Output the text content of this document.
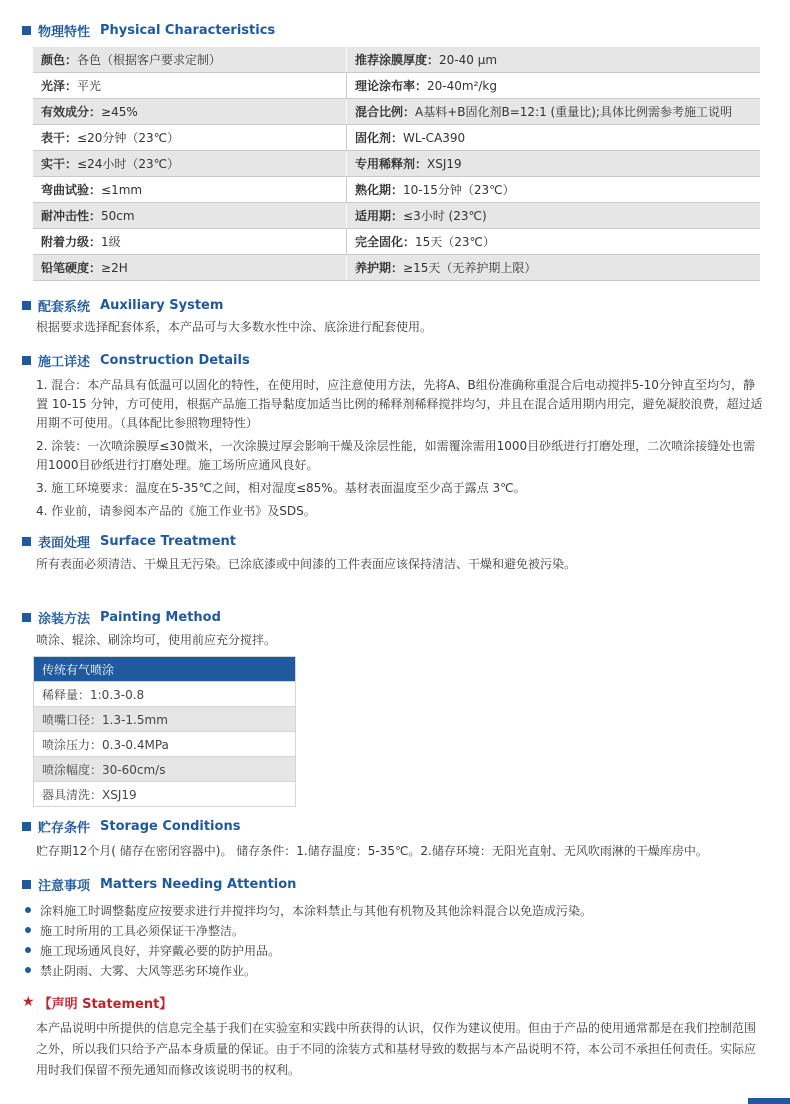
物理特性 Physical Characteristics
颜色：各色（根据客户要求定制）	推荐涂膜厚度：20-40 μm
光泽：平光	理论涂布率：20-40m²/kg
有效成分：≥45%	混合比例：A基料+B固化剂B=12:1 (重量比);具体比例需参考施工说明
表干：≤20分钟（23℃）	固化剂：WL-CA390
实干：≤24小时（23℃）	专用稀释剂：XSJ19
弯曲试验：≤1mm	熟化期：10-15分钟（23℃）
耐冲击性：50cm	适用期：≤3小时 (23℃)
附着力级：1级	完全固化：15天（23℃）
铅笔硬度：≥2H	养护期：≥15天（无养护期上限）
配套系统 Auxiliary System
根据要求选择配套体系，本产品可与大多数水性中涂、底涂进行配套使用。
施工详述 Construction Details
1. 混合：本产品具有低温可以固化的特性，在使用时，应注意使用方法，先将A、B组份准确称重混合后电动搅拌5-10分钟直至均匀，静置 10-15 分钟，方可使用，根据产品施工指导黏度加适当比例的稀释剂稀释搅拌均匀，并且在混合适用期内用完，避免凝胶浪费，超过适用期不可使用。（具体配比参照物理特性）
2. 涂装：一次喷涂膜厚≤30微米，一次涂膜过厚会影响干燥及涂层性能，如需覆涂需用1000目砂纸进行打磨处理，二次喷涂接缝处也需用1000目砂纸进行打磨处理。施工场所应通风良好。
3. 施工环境要求：温度在5-35℃之间，相对湿度≤85%。基材表面温度至少高于露点 3℃。
4. 作业前，请参阅本产品的《施工作业书》及SDS。
表面处理 Surface Treatment
所有表面必须清洁、干燥且无污染。已涂底漆或中间漆的工件表面应该保持清洁、干燥和避免被污染。
涂装方法 Painting Method
喷涂、辊涂、刷涂均可，使用前应充分搅拌。
传统有气喷涂
稀释量：1:0.3-0.8
喷嘴口径：1.3-1.5mm
喷涂压力：0.3-0.4MPa
喷涂幅度：30-60cm/s
器具清洗：XSJ19
贮存条件 Storage Conditions
贮存期12个月( 储存在密闭容器中)。 储存条件：1.储存温度：5-35℃。2.储存环境：无阳光直射、无风吹雨淋的干燥库房中。
注意事项 Matters Needing Attention
涂料施工时调整黏度应按要求进行并搅拌均匀，本涂料禁止与其他有机物及其他涂料混合以免造成污染。
施工时所用的工具必须保证干净整洁。
施工现场通风良好，并穿戴必要的防护用品。
禁止阴雨、大雾、大风等恶劣环境作业。
★ 【声明 Statement】
本产品说明中所提供的信息完全基于我们在实验室和实践中所获得的认识，仅作为建议使用。但由于产品的使用通常都是在我们控制范围之外，所以我们只给予产品本身质量的保证。由于不同的涂装方式和基材导致的数据与本产品说明不符，本公司不承担任何责任。实际应用时我们保留不预先通知而修改该说明书的权利。
